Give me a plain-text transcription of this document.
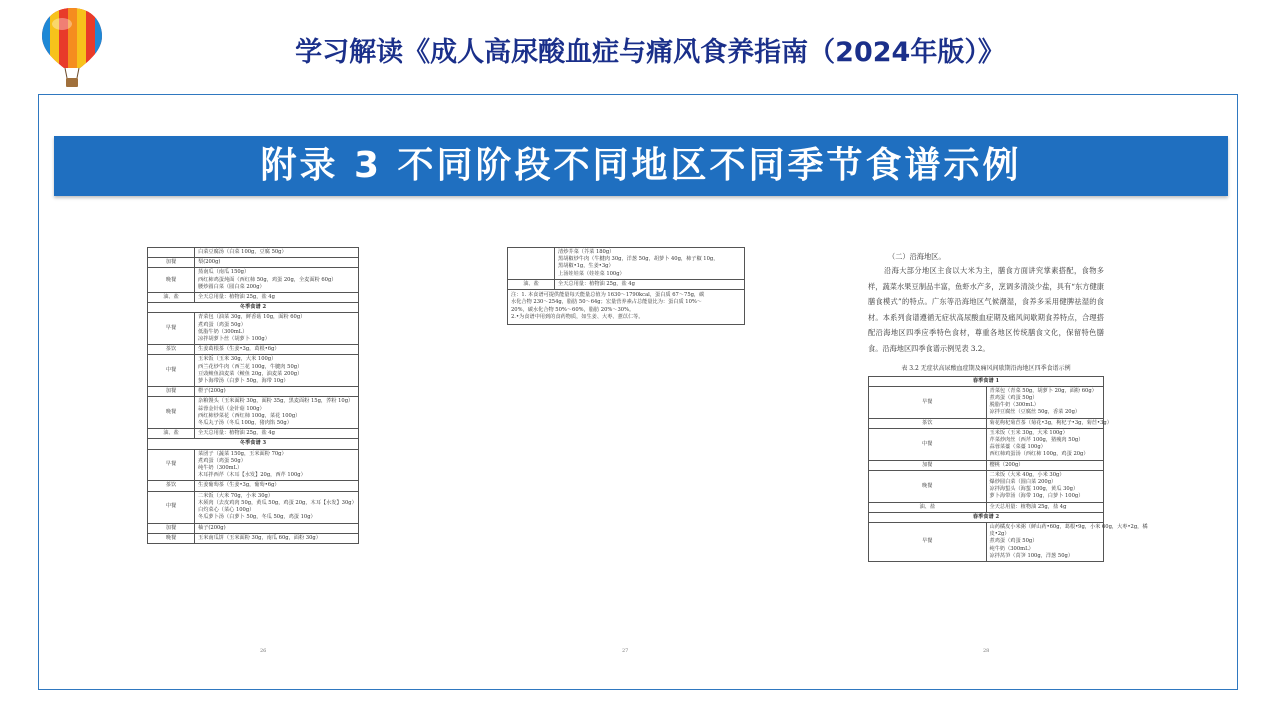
学习解读《成人高尿酸血症与痛风食养指南（2024年版）》
附录 3 不同阶段不同地区不同季节食谱示例

	白菜豆腐汤（白菜 100g，豆腐 50g）

加餐	梨(200g)

晚餐	蒸南瓜（南瓜 150g）
西红柿鸡蛋炖面（西红柿 50g，鸡蛋 20g，全麦面粉 60g）
腰炒圆白菜（圆白菜 200g）

油、盐	全天总用量：植物油 25g，盐 4g

冬季食谱 2	
早餐	青菜包（油菜 30g，鲜香菇 10g，面粉 60g）
煮鸡蛋（鸡蛋 50g）
低脂牛奶（300mL）
凉拌胡萝卜丝（胡萝卜 100g）

茶饮	生姜葛根茶（生姜•3g，葛根•6g）

中餐	玉米饭（玉米 30g，大米 100g）
西兰花炒牛肉（西兰花 100g，牛腱肉 50g）
豆豉鲮鱼油麦菜（鲮鱼 20g，油麦菜 200g）
萝卜海带汤（白萝卜 50g，海带 10g）

加餐	橙子(200g)

晚餐	杂粮馒头（玉米面粉 30g，面粉 35g，黑麦面粉 15g，荞粉 10g）
蒜蓉金针菇（金针菇 100g）
西红柿炒菜花（西红柿 100g，菜花 100g）
冬瓜丸子汤（冬瓜 100g，猪肉馅 50g）

油、盐	全天总用量：植物油 25g，盐 4g

冬季食谱 3	
早餐	菜团子（蔬菜 150g，玉米面粉 70g）
煮鸡蛋（鸡蛋 50g）
纯牛奶（300mL）
木耳拌西芹（木耳【水发】20g，西芹 100g）

茶饮	生姜葡萄茶（生姜•3g，葡萄•6g）

中餐	二米饭（大米 70g，小米 30g）
木须肉（去皮鸡肉 50g，黄瓜 50g，鸡蛋 20g，木耳【水发】30g）
白灼菜心（菜心 100g）
冬瓜萝卜汤（白萝卜 50g，冬瓜 50g，鸡蛋 10g）

加餐	柚子(200g)

晚餐	玉米南瓜饼（玉米面粉 30g，南瓜 60g，面粉 30g）
26

	清炒芥菜（芥菜 180g）
黑胡椒炒牛肉（牛腱肉 30g，洋葱 50g，胡萝卜 40g，柿子椒 10g，
黑胡椒•1g，生姜•3g）
上汤娃娃菜（娃娃菜 100g）

油、盐	全天总用量：植物油 25g，盐 4g
注：1. 本食谱可提供能量每天能量总值为 1630～1790kcal，蛋白质 67～75g，碳
水化合物 230～254g，脂肪 50～64g；宏量营养素占总能量比为：蛋白质 10%～
20%，碳水化合物 50%～60%，脂肪 20%～30%。
2.•为食谱中用到的食药物质，如生姜、大枣、薏苡仁等。
27
（二）沿海地区。

沿海大部分地区主食以大米为主，膳食方面讲究掌素搭配，食物多样，蔬菜水果豆制品丰富，鱼虾水产多，烹调多清淡少盐，具有“东方健康膳食模式”的特点。广东等沿海地区气候潮湿，食养多采用健脾祛湿的食材。本系列食谱遵循无症状高尿酸血症期及痛风间歇期食养特点，合理搭配沿海地区四季应季特色食材，尊重各地区传统膳食文化，保留特色膳食。沿海地区四季食谱示例见表 3.2。

表 3.2 无症状高尿酸血症期及痛风间歇期沿海地区四季食谱示例
春季食谱 1	
早餐	青菜包（青菜 50g，胡萝卜 20g，面粉 60g）
煮鸡蛋（鸡蛋 50g）
脱脂牛奶（300mL）
凉拌豆腐丝（豆腐丝 50g，香菜 20g）

茶饮	菊花枸杞菊苣茶（菊花•3g，枸杞子•3g，菊苣•3g）

中餐	玉米饭（玉米 30g，大米 100g）
芹菜炒肉丝（西芹 100g，猪瘦肉 50g）
蒜蓉菜薹（菜薹 100g）
西红柿鸡蛋汤（西红柿 100g，鸡蛋 20g）

加餐	樱桃（200g）

晚餐	二米饭（大米 40g，小米 30g）
爆炒圆白菜（圆白菜 200g）
凉拌海蜇头（海蜇 100g，黄瓜 30g）
萝卜海带汤（海带 10g，白萝卜 100g）

油、盐	全天总用量：植物油 25g，盐 4g

春季食谱 2	
早餐	山药橘皮小米粥（鲜山药•60g，葛根•9g，小米 60g，大枣•2g，橘
皮•2g）
煮鸡蛋（鸡蛋 50g）
纯牛奶（300mL）
凉拌莴笋（莴笋 100g，洋葱 50g）
28
